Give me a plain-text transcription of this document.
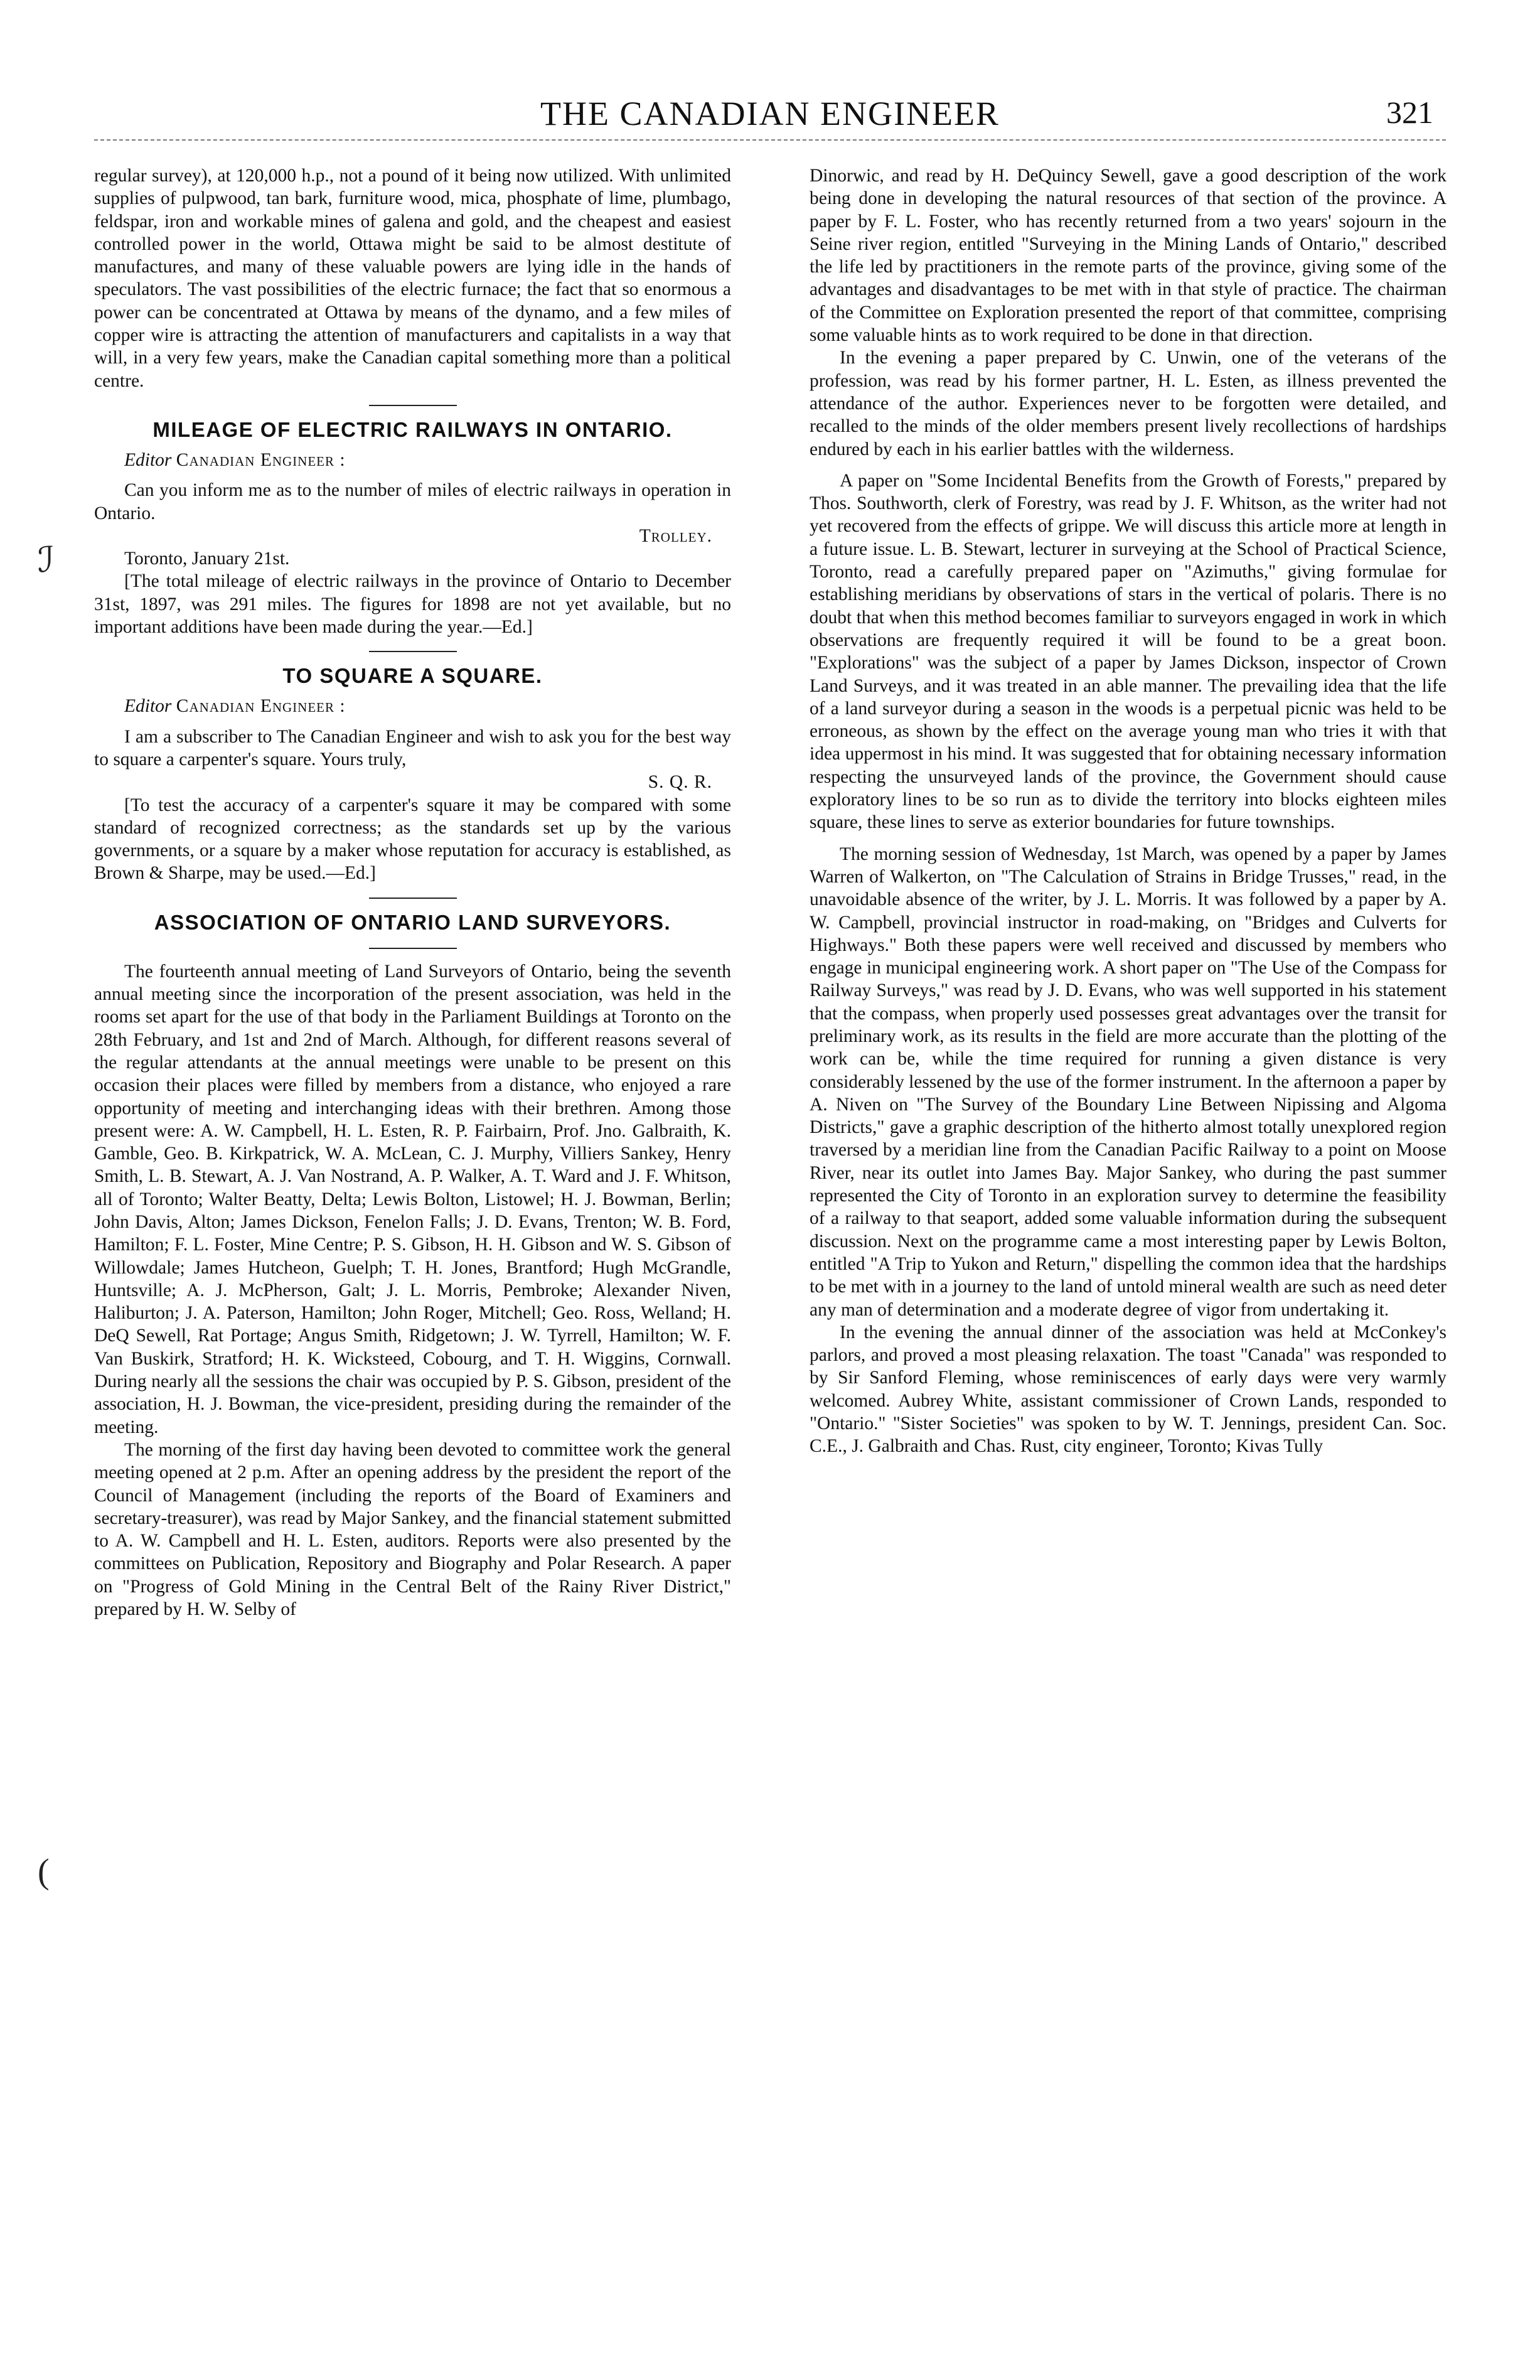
THE CANADIAN ENGINEER	321

regular survey), at 120,000 h.p., not a pound of it being now utilized. With unlimited supplies of pulpwood, tan bark, furniture wood, mica, phosphate of lime, plumbago, feldspar, iron and workable mines of galena and gold, and the cheapest and easiest controlled power in the world, Ottawa might be said to be almost destitute of manufactures, and many of these valuable powers are lying idle in the hands of speculators. The vast possibilities of the electric furnace; the fact that so enormous a power can be concentrated at Ottawa by means of the dynamo, and a few miles of copper wire is attracting the attention of manufacturers and capitalists in a way that will, in a very few years, make the Canadian capital something more than a political centre.

MILEAGE OF ELECTRIC RAILWAYS IN ONTARIO.

Editor Canadian Engineer :

Can you inform me as to the number of miles of electric railways in operation in Ontario.

Trolley.

Toronto, January 21st.

[The total mileage of electric railways in the province of Ontario to December 31st, 1897, was 291 miles. The figures for 1898 are not yet available, but no important additions have been made during the year.—Ed.]

TO SQUARE A SQUARE.

Editor Canadian Engineer :

I am a subscriber to The Canadian Engineer and wish to ask you for the best way to square a carpenter's square. Yours truly,

S. Q. R.

[To test the accuracy of a carpenter's square it may be compared with some standard of recognized correctness; as the standards set up by the various governments, or a square by a maker whose reputation for accuracy is established, as Brown & Sharpe, may be used.—Ed.]

ASSOCIATION OF ONTARIO LAND SURVEYORS.

The fourteenth annual meeting of Land Surveyors of Ontario, being the seventh annual meeting since the incorporation of the present association, was held in the rooms set apart for the use of that body in the Parliament Buildings at Toronto on the 28th February, and 1st and 2nd of March. Although, for different reasons several of the regular attendants at the annual meetings were unable to be present on this occasion their places were filled by members from a distance, who enjoyed a rare opportunity of meeting and interchanging ideas with their brethren. Among those present were: A. W. Campbell, H. L. Esten, R. P. Fairbairn, Prof. Jno. Galbraith, K. Gamble, Geo. B. Kirkpatrick, W. A. McLean, C. J. Murphy, Villiers Sankey, Henry Smith, L. B. Stewart, A. J. Van Nostrand, A. P. Walker, A. T. Ward and J. F. Whitson, all of Toronto; Walter Beatty, Delta; Lewis Bolton, Listowel; H. J. Bowman, Berlin; John Davis, Alton; James Dickson, Fenelon Falls; J. D. Evans, Trenton; W. B. Ford, Hamilton; F. L. Foster, Mine Centre; P. S. Gibson, H. H. Gibson and W. S. Gibson of Willowdale; James Hutcheon, Guelph; T. H. Jones, Brantford; Hugh McGrandle, Huntsville; A. J. McPherson, Galt; J. L. Morris, Pembroke; Alexander Niven, Haliburton; J. A. Paterson, Hamilton; John Roger, Mitchell; Geo. Ross, Welland; H. DeQ Sewell, Rat Portage; Angus Smith, Ridgetown; J. W. Tyrrell, Hamilton; W. F. Van Buskirk, Stratford; H. K. Wicksteed, Cobourg, and T. H. Wiggins, Cornwall. During nearly all the sessions the chair was occupied by P. S. Gibson, president of the association, H. J. Bowman, the vice-president, presiding during the remainder of the meeting.

The morning of the first day having been devoted to committee work the general meeting opened at 2 p.m. After an opening address by the president the report of the Council of Management (including the reports of the Board of Examiners and secretary-treasurer), was read by Major Sankey, and the financial statement submitted to A. W. Campbell and H. L. Esten, auditors. Reports were also presented by the committees on Publication, Repository and Biography and Polar Research. A paper on "Progress of Gold Mining in the Central Belt of the Rainy River District," prepared by H. W. Selby of

Dinorwic, and read by H. DeQuincy Sewell, gave a good description of the work being done in developing the natural resources of that section of the province. A paper by F. L. Foster, who has recently returned from a two years' sojourn in the Seine river region, entitled "Surveying in the Mining Lands of Ontario," described the life led by practitioners in the remote parts of the province, giving some of the advantages and disadvantages to be met with in that style of practice. The chairman of the Committee on Exploration presented the report of that committee, comprising some valuable hints as to work required to be done in that direction.

In the evening a paper prepared by C. Unwin, one of the veterans of the profession, was read by his former partner, H. L. Esten, as illness prevented the attendance of the author. Experiences never to be forgotten were detailed, and recalled to the minds of the older members present lively recollections of hardships endured by each in his earlier battles with the wilderness.

A paper on "Some Incidental Benefits from the Growth of Forests," prepared by Thos. Southworth, clerk of Forestry, was read by J. F. Whitson, as the writer had not yet recovered from the effects of grippe. We will discuss this article more at length in a future issue. L. B. Stewart, lecturer in surveying at the School of Practical Science, Toronto, read a carefully prepared paper on "Azimuths," giving formulae for establishing meridians by observations of stars in the vertical of polaris. There is no doubt that when this method becomes familiar to surveyors engaged in work in which observations are frequently required it will be found to be a great boon. "Explorations" was the subject of a paper by James Dickson, inspector of Crown Land Surveys, and it was treated in an able manner. The prevailing idea that the life of a land surveyor during a season in the woods is a perpetual picnic was held to be erroneous, as shown by the effect on the average young man who tries it with that idea uppermost in his mind. It was suggested that for obtaining necessary information respecting the unsurveyed lands of the province, the Government should cause exploratory lines to be so run as to divide the territory into blocks eighteen miles square, these lines to serve as exterior boundaries for future townships.

The morning session of Wednesday, 1st March, was opened by a paper by James Warren of Walkerton, on "The Calculation of Strains in Bridge Trusses," read, in the unavoidable absence of the writer, by J. L. Morris. It was followed by a paper by A. W. Campbell, provincial instructor in road-making, on "Bridges and Culverts for Highways." Both these papers were well received and discussed by members who engage in municipal engineering work. A short paper on "The Use of the Compass for Railway Surveys," was read by J. D. Evans, who was well supported in his statement that the compass, when properly used possesses great advantages over the transit for preliminary work, as its results in the field are more accurate than the plotting of the work can be, while the time required for running a given distance is very considerably lessened by the use of the former instrument. In the afternoon a paper by A. Niven on "The Survey of the Boundary Line Between Nipissing and Algoma Districts," gave a graphic description of the hitherto almost totally unexplored region traversed by a meridian line from the Canadian Pacific Railway to a point on Moose River, near its outlet into James Bay. Major Sankey, who during the past summer represented the City of Toronto in an exploration survey to determine the feasibility of a railway to that seaport, added some valuable information during the subsequent discussion. Next on the programme came a most interesting paper by Lewis Bolton, entitled "A Trip to Yukon and Return," dispelling the common idea that the hardships to be met with in a journey to the land of untold mineral wealth are such as need deter any man of determination and a moderate degree of vigor from undertaking it.

In the evening the annual dinner of the association was held at McConkey's parlors, and proved a most pleasing relaxation. The toast "Canada" was responded to by Sir Sanford Fleming, whose reminiscences of early days were very warmly welcomed. Aubrey White, assistant commissioner of Crown Lands, responded to "Ontario." "Sister Societies" was spoken to by W. T. Jennings, president Can. Soc. C.E., J. Galbraith and Chas. Rust, city engineer, Toronto; Kivas Tully

ℐ
(
